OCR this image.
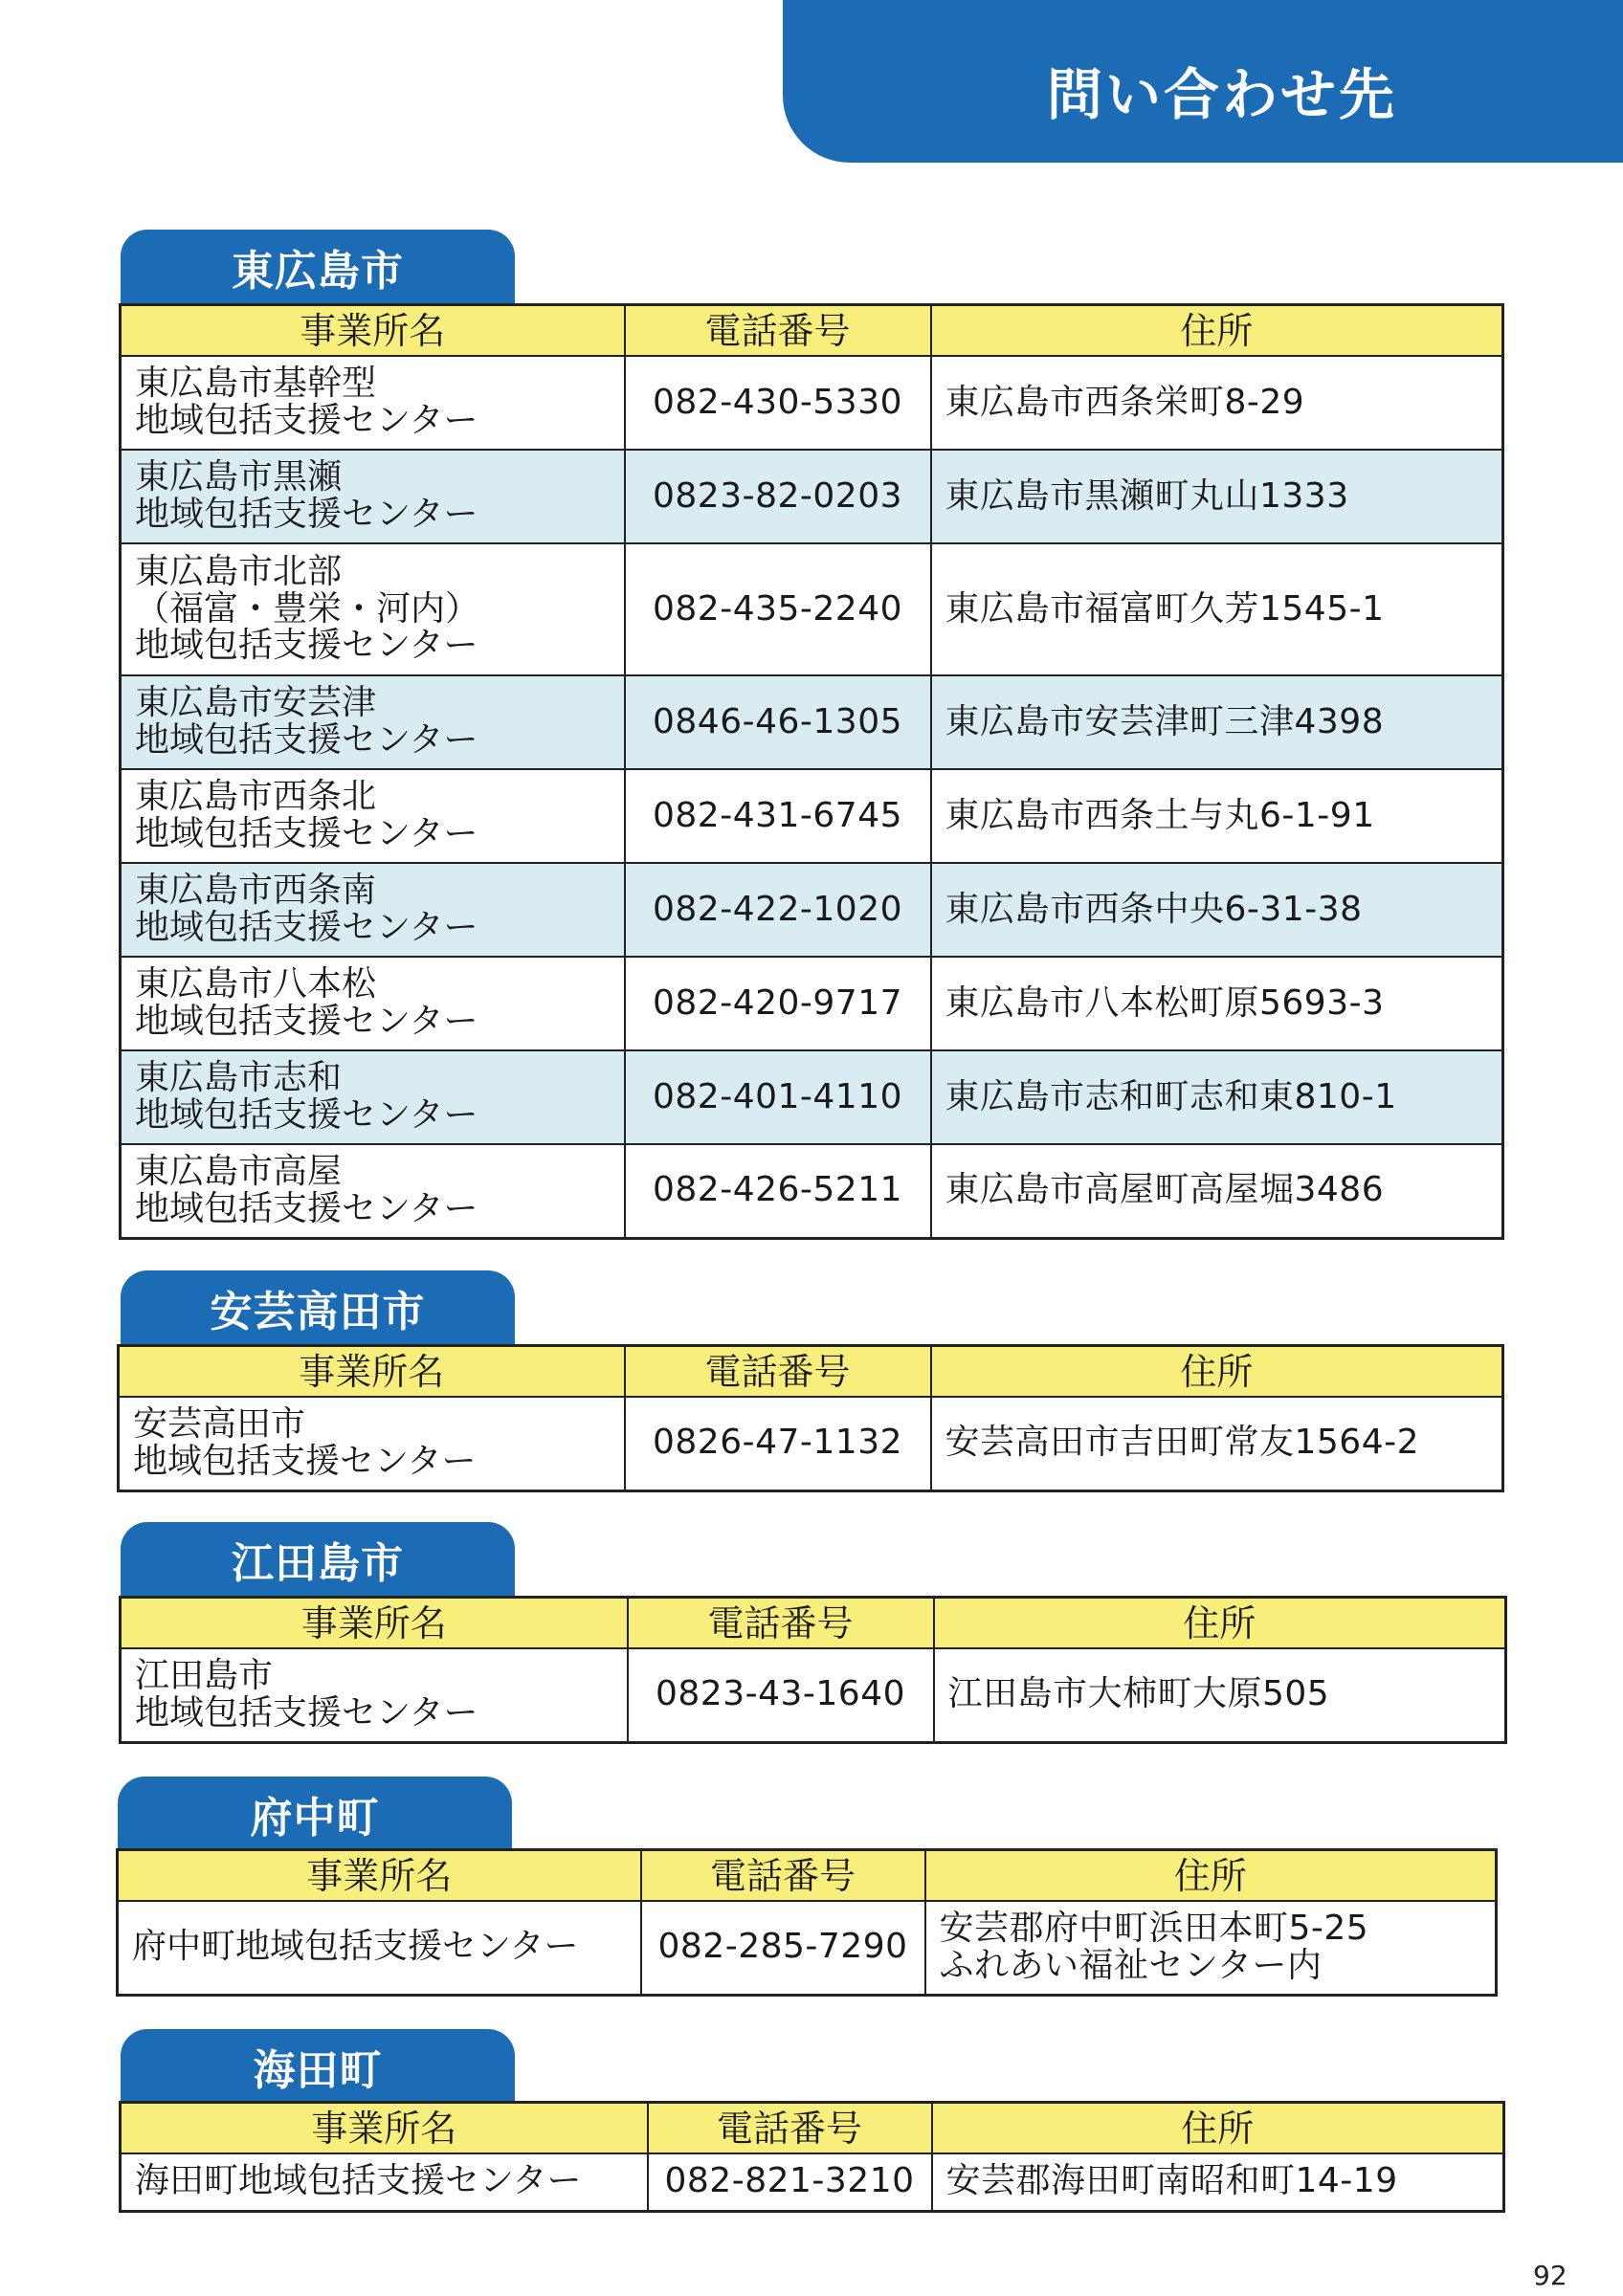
問い合わせ先
東広島市
事業所名	電話番号	住所

東広島市基幹型
地域包括支援センター	082-430-5330	東広島市西条栄町8-29

東広島市黒瀬
地域包括支援センター	0823-82-0203	東広島市黒瀬町丸山1333

東広島市北部
（福富・豊栄・河内）
地域包括支援センター	082-435-2240	東広島市福富町久芳1545-1

東広島市安芸津
地域包括支援センター	0846-46-1305	東広島市安芸津町三津4398

東広島市西条北
地域包括支援センター	082-431-6745	東広島市西条土与丸6-1-91

東広島市西条南
地域包括支援センター	082-422-1020	東広島市西条中央6-31-38

東広島市八本松
地域包括支援センター	082-420-9717	東広島市八本松町原5693-3

東広島市志和
地域包括支援センター	082-401-4110	東広島市志和町志和東810-1

東広島市高屋
地域包括支援センター	082-426-5211	東広島市高屋町高屋堀3486
安芸高田市
事業所名	電話番号	住所

安芸高田市
地域包括支援センター	0826-47-1132	安芸高田市吉田町常友1564-2
江田島市
事業所名	電話番号	住所

江田島市
地域包括支援センター	0823-43-1640	江田島市大柿町大原505
府中町
事業所名	電話番号	住所

府中町地域包括支援センター	082-285-7290	安芸郡府中町浜田本町5-25
ふれあい福祉センター内
海田町
事業所名	電話番号	住所

海田町地域包括支援センター	082-821-3210	安芸郡海田町南昭和町14-19
92
